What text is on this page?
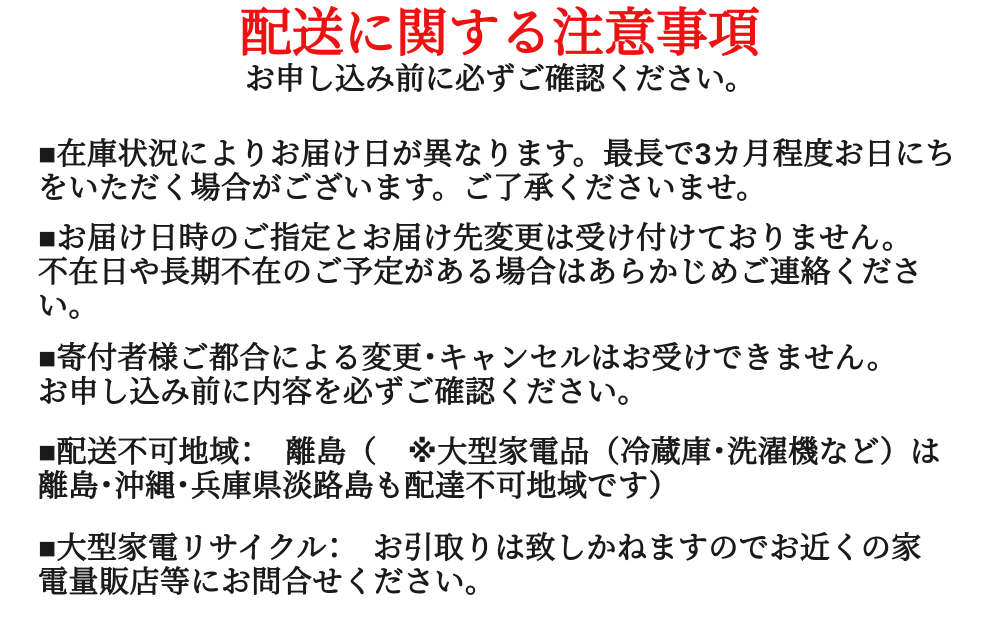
配送に関する注意事項

お申し込み前に必ずご確認ください。

■在庫状況によりお届け日が異なります。最長で3カ月程度お日にち
をいただく場合がございます。ご了承くださいませ。
■お届け日時のご指定とお届け先変更は受け付けておりません。
不在日や長期不在のご予定がある場合はあらかじめご連絡くださ
い。
■寄付者様ご都合による変更･キャンセルはお受けできません。
お申し込み前に内容を必ずご確認ください。
■配送不可地域：　離島（　※大型家電品（冷蔵庫･洗濯機など）は
離島･沖縄･兵庫県淡路島も配達不可地域です）
■大型家電リサイクル：　お引取りは致しかねますのでお近くの家
電量販店等にお問合せください。
